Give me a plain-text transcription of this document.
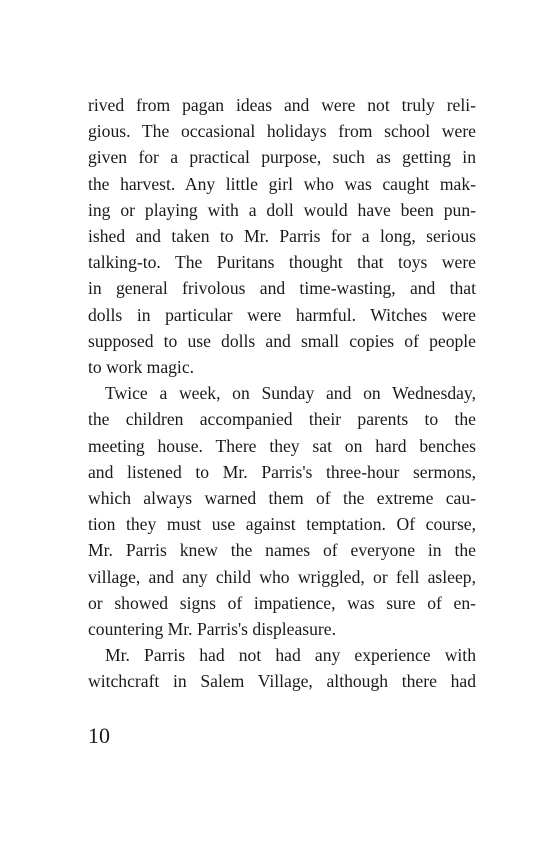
rived from pagan ideas and were not truly reli-
gious. The occasional holidays from school were
given for a practical purpose, such as getting in
the harvest. Any little girl who was caught mak-
ing or playing with a doll would have been pun-
ished and taken to Mr. Parris for a long, serious
talking-to. The Puritans thought that toys were
in general frivolous and time-wasting, and that
dolls in particular were harmful. Witches were
supposed to use dolls and small copies of people
to work magic.
Twice a week, on Sunday and on Wednesday,
the children accompanied their parents to the
meeting house. There they sat on hard benches
and listened to Mr. Parris's three-hour sermons,
which always warned them of the extreme cau-
tion they must use against temptation. Of course,
Mr. Parris knew the names of everyone in the
village, and any child who wriggled, or fell asleep,
or showed signs of impatience, was sure of en-
countering Mr. Parris's displeasure.
Mr. Parris had not had any experience with
witchcraft in Salem Village, although there had
10
